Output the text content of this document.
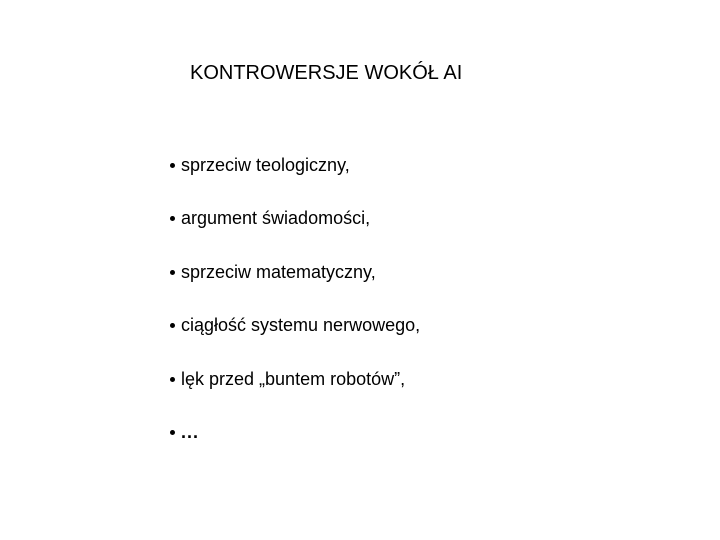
KONTROWERSJE WOKÓŁ AI
sprzeciw teologiczny,
argument świadomości,
sprzeciw matematyczny,
ciągłość systemu nerwowego,
lęk przed „buntem robotów”,
...
